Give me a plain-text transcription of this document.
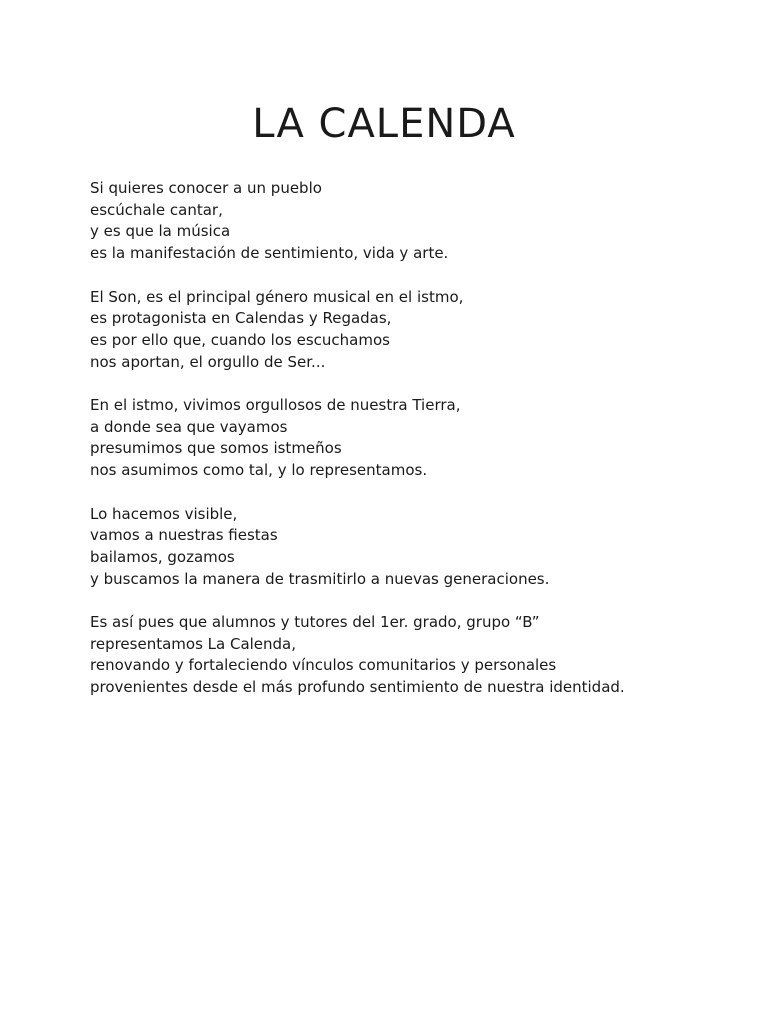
LA CALENDA
Si quieres conocer a un pueblo
escúchale cantar,
y es que la música
es la manifestación de sentimiento, vida y arte.
El Son, es el principal género musical en el istmo,
es protagonista en Calendas y Regadas,
es por ello que, cuando los escuchamos
nos aportan, el orgullo de Ser...
En el istmo, vivimos orgullosos de nuestra Tierra,
a donde sea que vayamos
presumimos que somos istmeños
nos asumimos como tal, y lo representamos.
Lo hacemos visible,
vamos a nuestras fiestas
bailamos, gozamos
y buscamos la manera de trasmitirlo a nuevas generaciones.
Es así pues que alumnos y tutores del 1er. grado, grupo “B”
representamos La Calenda,
renovando y fortaleciendo vínculos comunitarios y personales
provenientes desde el más profundo sentimiento de nuestra identidad.
